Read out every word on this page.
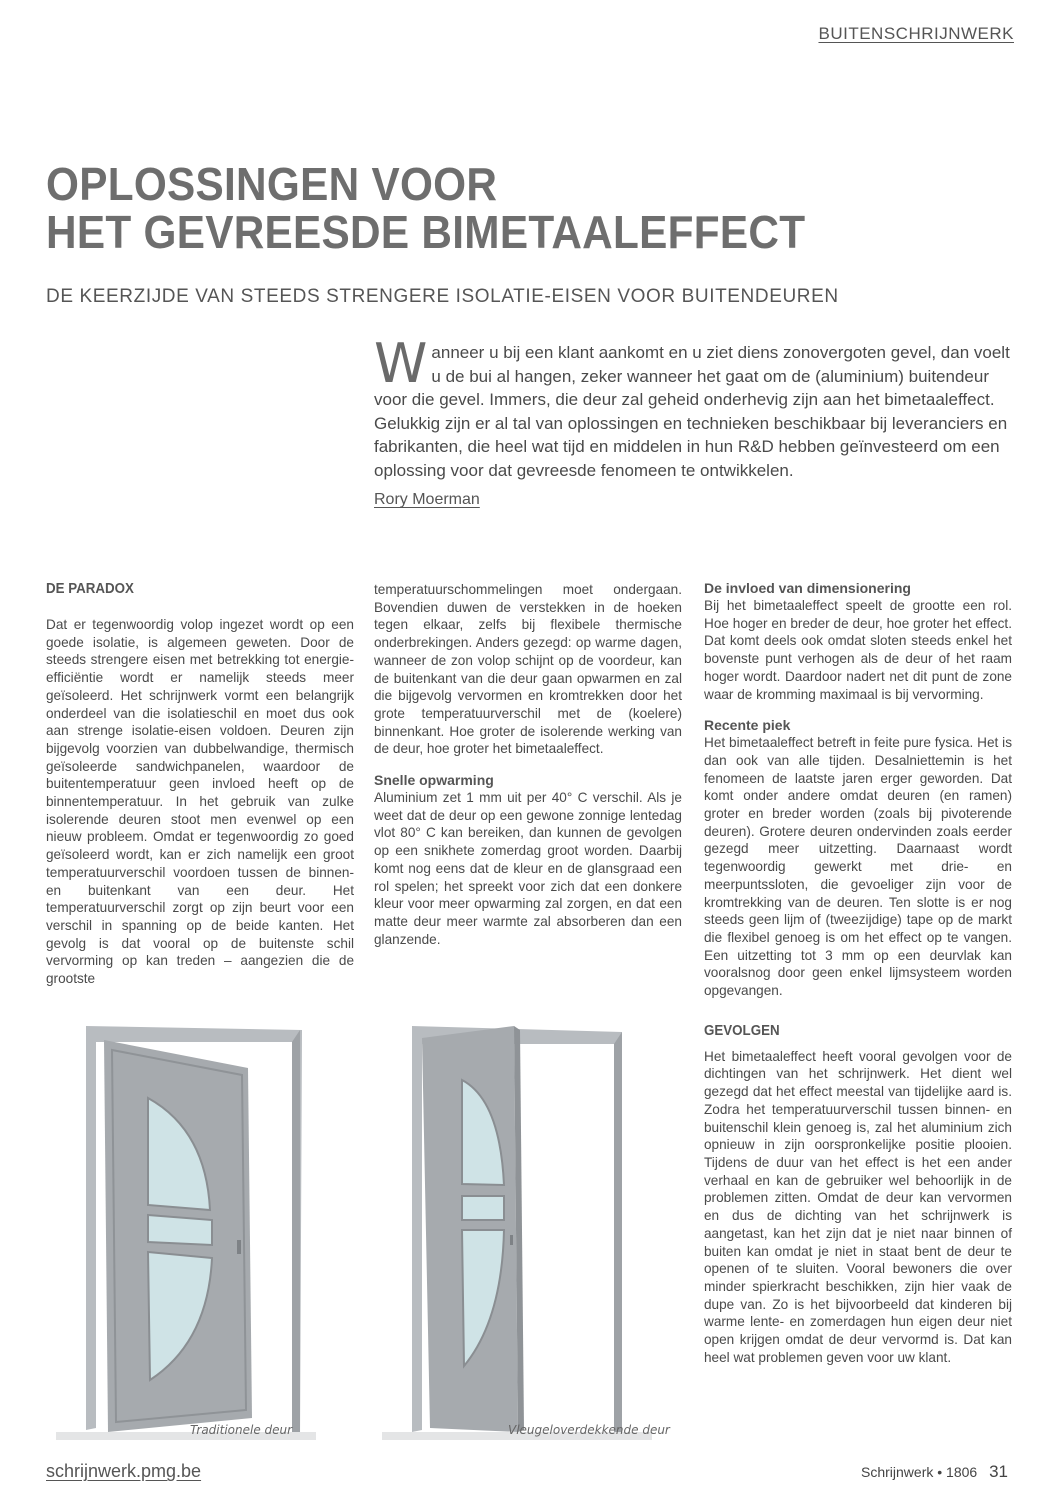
BUITENSCHRIJNWERK
OPLOSSINGEN VOOR
HET GEVREESDE BIMETAALEFFECT
DE KEERZIJDE VAN STEEDS STRENGERE ISOLATIE-EISEN VOOR BUITENDEUREN
Wanneer u bij een klant aankomt en u ziet diens zonovergoten gevel, dan voelt u de bui al hangen, zeker wanneer het gaat om de (aluminium) buitendeur voor die gevel. Immers, die deur zal geheid onderhevig zijn aan het bimetaaleffect. Gelukkig zijn er al tal van oplossingen en technieken beschikbaar bij leveranciers en fabrikanten, die heel wat tijd en middelen in hun R&D hebben geïnvesteerd om een oplossing voor dat gevreesde fenomeen te ontwikkelen.
Rory Moerman
DE PARADOX

Dat er tegenwoordig volop ingezet wordt op een goede isolatie, is algemeen geweten. Door de steeds strengere eisen met betrekking tot energie-efficiëntie wordt er namelijk steeds meer geïsoleerd. Het schrijnwerk vormt een belangrijk onderdeel van die isolatieschil en moet dus ook aan strenge isolatie-eisen voldoen. Deuren zijn bijgevolg voorzien van dubbelwandige, thermisch geïsoleerde sandwichpanelen, waardoor de buitentemperatuur geen invloed heeft op de binnentemperatuur. In het gebruik van zulke isolerende deuren stoot men evenwel op een nieuw probleem. Omdat er tegenwoordig zo goed geïsoleerd wordt, kan er zich namelijk een groot temperatuurverschil voordoen tussen de binnen- en buitenkant van een deur. Het temperatuurverschil zorgt op zijn beurt voor een verschil in spanning op de beide kanten. Het gevolg is dat vooral op de buitenste schil vervorming op kan treden – aangezien die de grootste

temperatuurschommelingen moet ondergaan. Bovendien duwen de verstekken in de hoeken tegen elkaar, zelfs bij flexibele thermische onderbrekingen. Anders gezegd: op warme dagen, wanneer de zon volop schijnt op de voordeur, kan de buitenkant van die deur gaan opwarmen en zal die bijgevolg vervormen en kromtrekken door het grote temperatuurverschil met de (koelere) binnenkant. Hoe groter de isolerende werking van de deur, hoe groter het bimetaaleffect.

Snelle opwarming

Aluminium zet 1 mm uit per 40° C verschil. Als je weet dat de deur op een gewone zonnige lentedag vlot 80° C kan bereiken, dan kunnen de gevolgen op een snikhete zomerdag groot worden. Daarbij komt nog eens dat de kleur en de glansgraad een rol spelen; het spreekt voor zich dat een donkere kleur voor meer opwarming zal zorgen, en dat een matte deur meer warmte zal absorberen dan een glanzende.

De invloed van dimensionering

Bij het bimetaaleffect speelt de grootte een rol. Hoe hoger en breder de deur, hoe groter het effect. Dat komt deels ook omdat sloten steeds enkel het bovenste punt verhogen als de deur of het raam hoger wordt. Daardoor nadert net dit punt de zone waar de kromming maximaal is bij vervorming.

Recente piek

Het bimetaaleffect betreft in feite pure fysica. Het is dan ook van alle tijden. Desalniettemin is het fenomeen de laatste jaren erger geworden. Dat komt onder andere omdat deuren (en ramen) groter en breder worden (zoals bij pivoterende deuren). Grotere deuren ondervinden zoals eerder gezegd meer uitzetting. Daarnaast wordt tegenwoordig gewerkt met drie- en meerpuntssloten, die gevoeliger zijn voor de kromtrekking van de deuren. Ten slotte is er nog steeds geen lijm of (tweezijdige) tape op de markt die flexibel genoeg is om het effect op te vangen. Een uitzetting tot 3 mm op een deurvlak kan vooralsnog door geen enkel lijmsysteem worden opgevangen.

GEVOLGEN

Het bimetaaleffect heeft vooral gevolgen voor de dichtingen van het schrijnwerk. Het dient wel gezegd dat het effect meestal van tijdelijke aard is. Zodra het temperatuurverschil tussen binnen- en buitenschil klein genoeg is, zal het aluminium zich opnieuw in zijn oorspronkelijke positie plooien. Tijdens de duur van het effect is het een ander verhaal en kan de gebruiker wel behoorlijk in de problemen zitten. Omdat de deur kan vervormen en dus de dichting van het schrijnwerk is aangetast, kan het zijn dat je niet naar binnen of buiten kan omdat je niet in staat bent de deur te openen of te sluiten. Vooral bewoners die over minder spierkracht beschikken, zijn hier vaak de dupe van. Zo is het bijvoorbeeld dat kinderen bij warme lente- en zomerdagen hun eigen deur niet open krijgen omdat de deur vervormd is. Dat kan heel wat problemen geven voor uw klant.

Traditionele deur	Vleugeloverdekkende deur
schrijnwerk.pmg.be	Schrijnwerk • 1806 31
